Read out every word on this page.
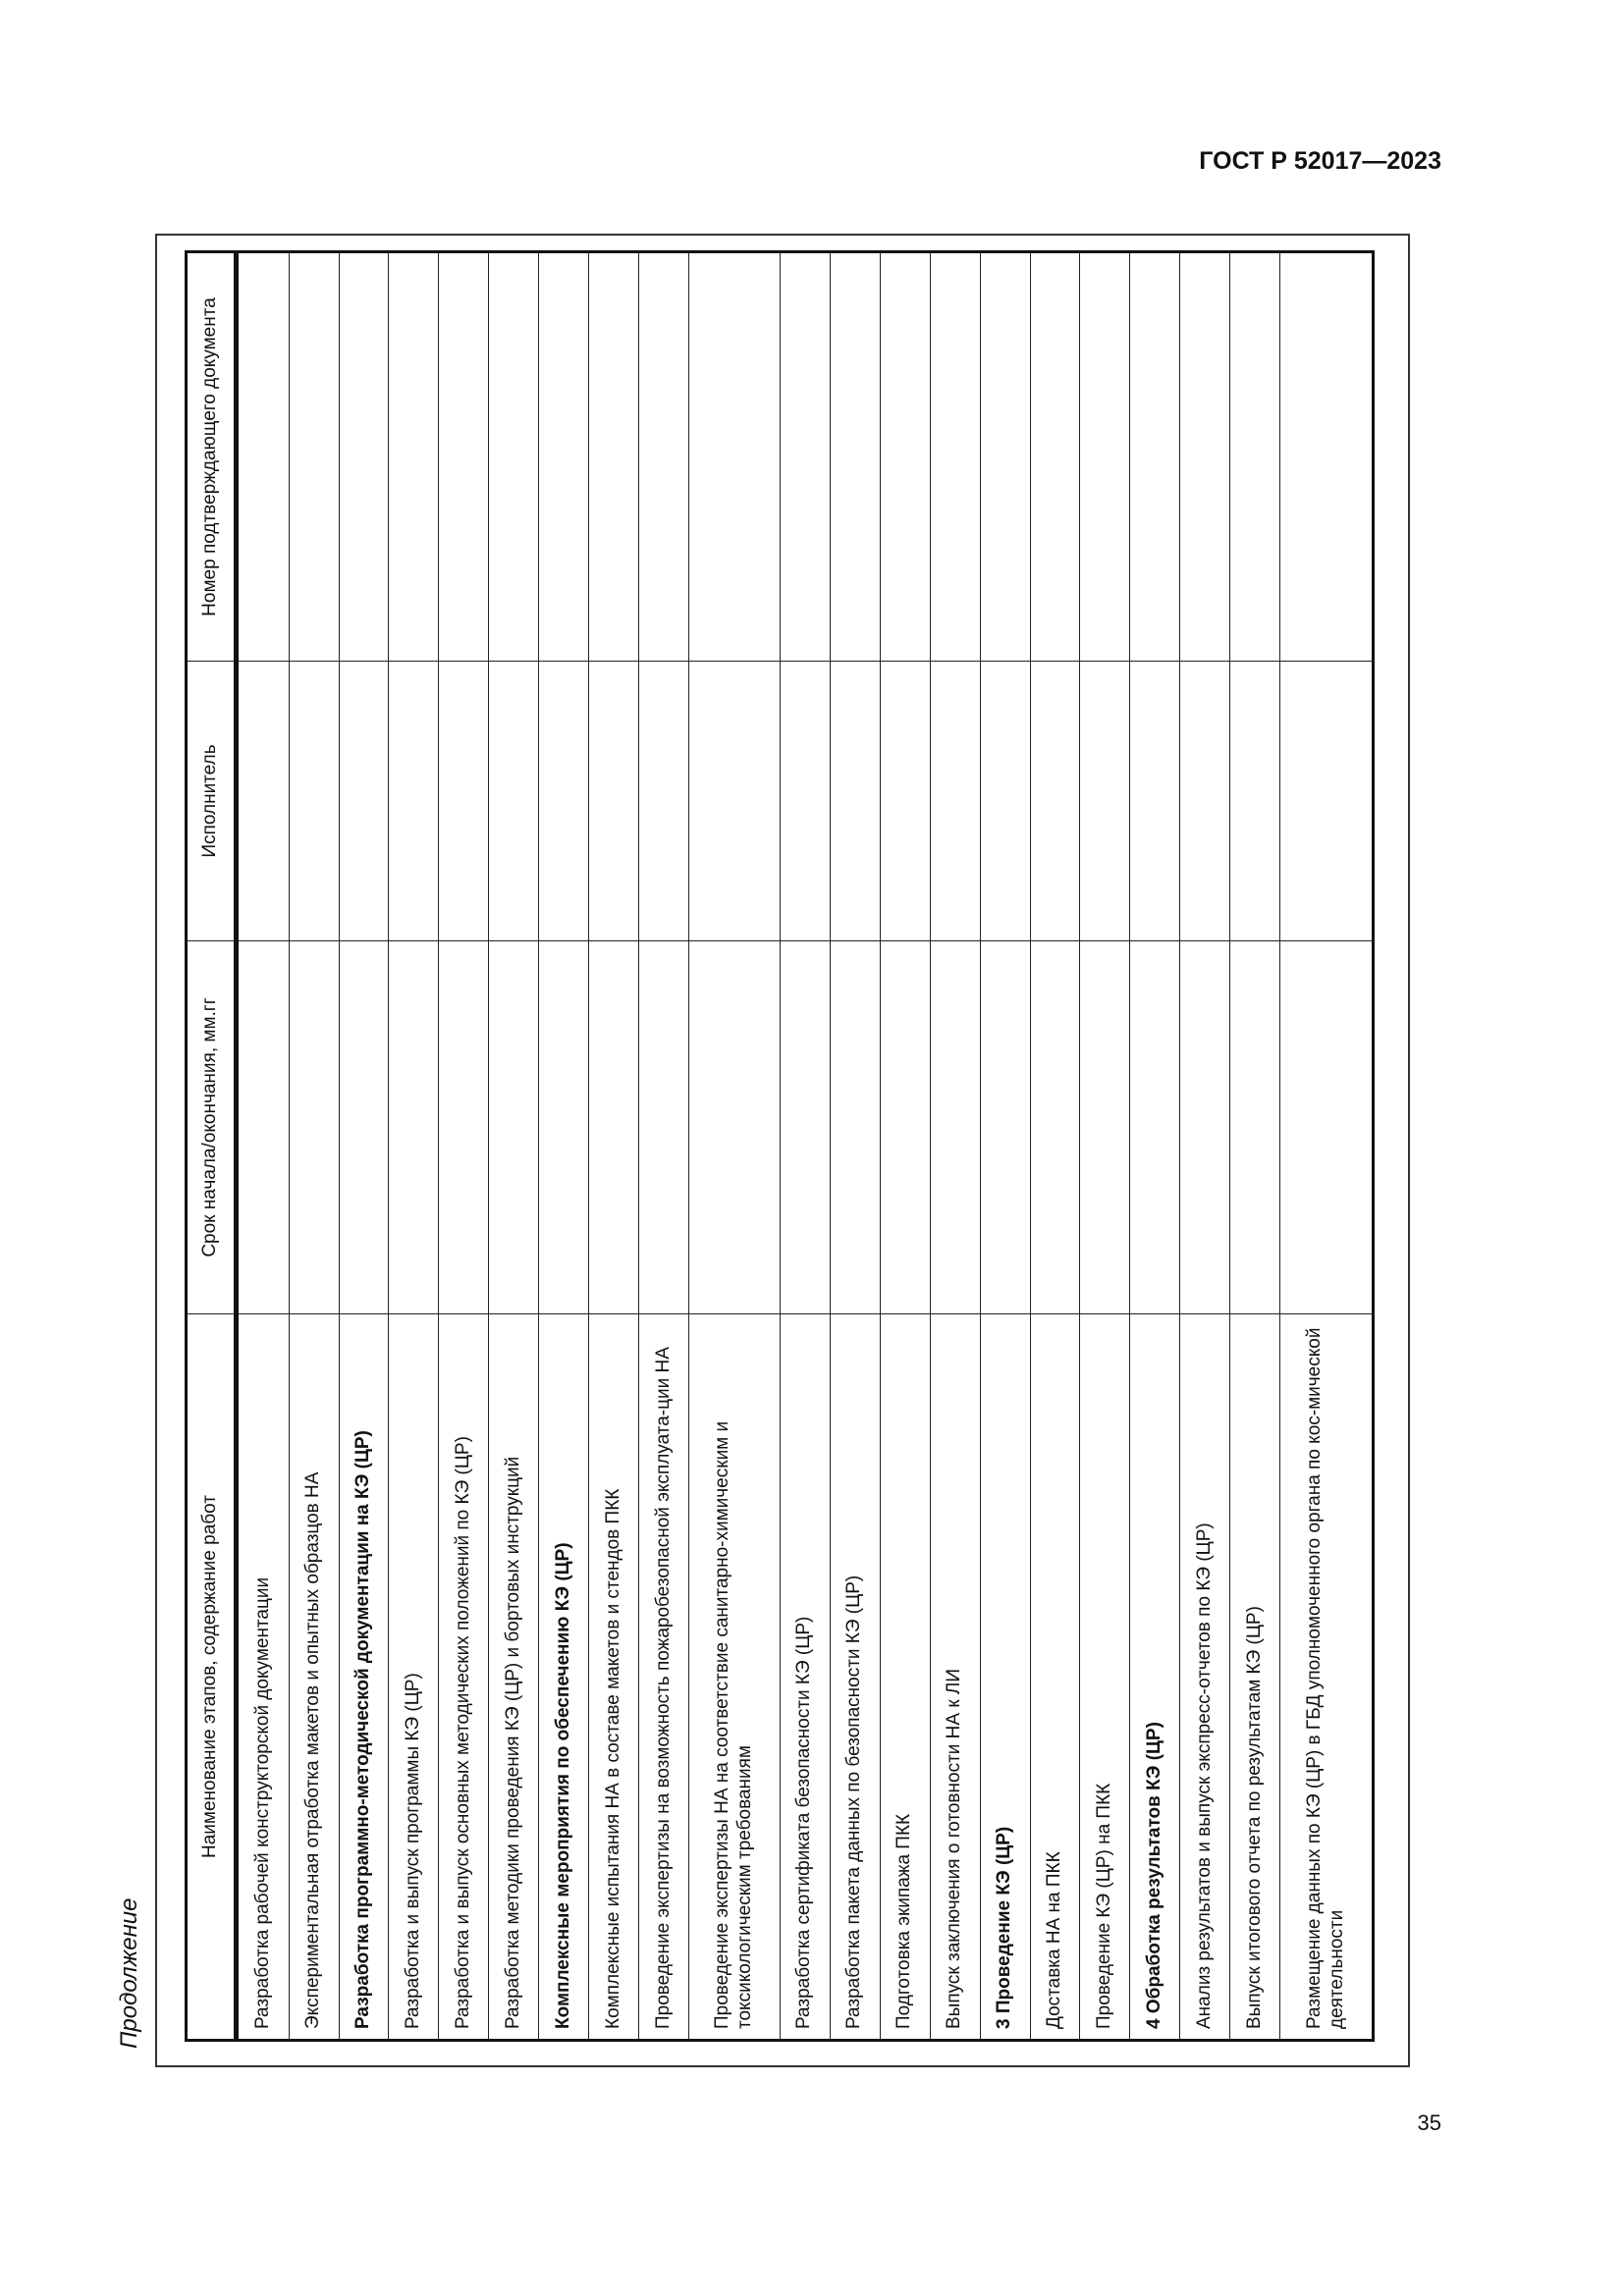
ГОСТ Р 52017—2023
Продолжение
Наименование этапов, содержание работ	Срок начала/окончания, мм.гг	Исполнитель	Номер подтверждающего документа

Разработка рабочей конструкторской документации			
Экспериментальная отработка макетов и опытных образцов НА			
Разработка программно-методической документации на КЭ (ЦР)			
Разработка и выпуск программы КЭ (ЦР)			
Разработка и выпуск основных методических положений по КЭ (ЦР)			
Разработка методики проведения КЭ (ЦР) и бортовых инструкций			
Комплексные мероприятия по обеспечению КЭ (ЦР)			
Комплексные испытания НА в составе макетов и стендов ПКК			
Проведение экспертизы на возможность пожаробезопасной эксплуата-ции НА			
Проведение экспертизы НА на соответствие санитарно-химическим и токсикологическим требованиям			
Разработка сертификата безопасности КЭ (ЦР)			
Разработка пакета данных по безопасности КЭ (ЦР)			
Подготовка экипажа ПКК			
Выпуск заключения о готовности НА к ЛИ			
3 Проведение КЭ (ЦР)			
Доставка НА на ПКК			
Проведение КЭ (ЦР) на ПКК			
4 Обработка результатов КЭ (ЦР)			
Анализ результатов и выпуск экспресс-отчетов по КЭ (ЦР)			
Выпуск итогового отчета по результатам КЭ (ЦР)			
Размещение данных по КЭ (ЦР) в ГБД уполномоченного органа по кос-мической деятельности			
35
